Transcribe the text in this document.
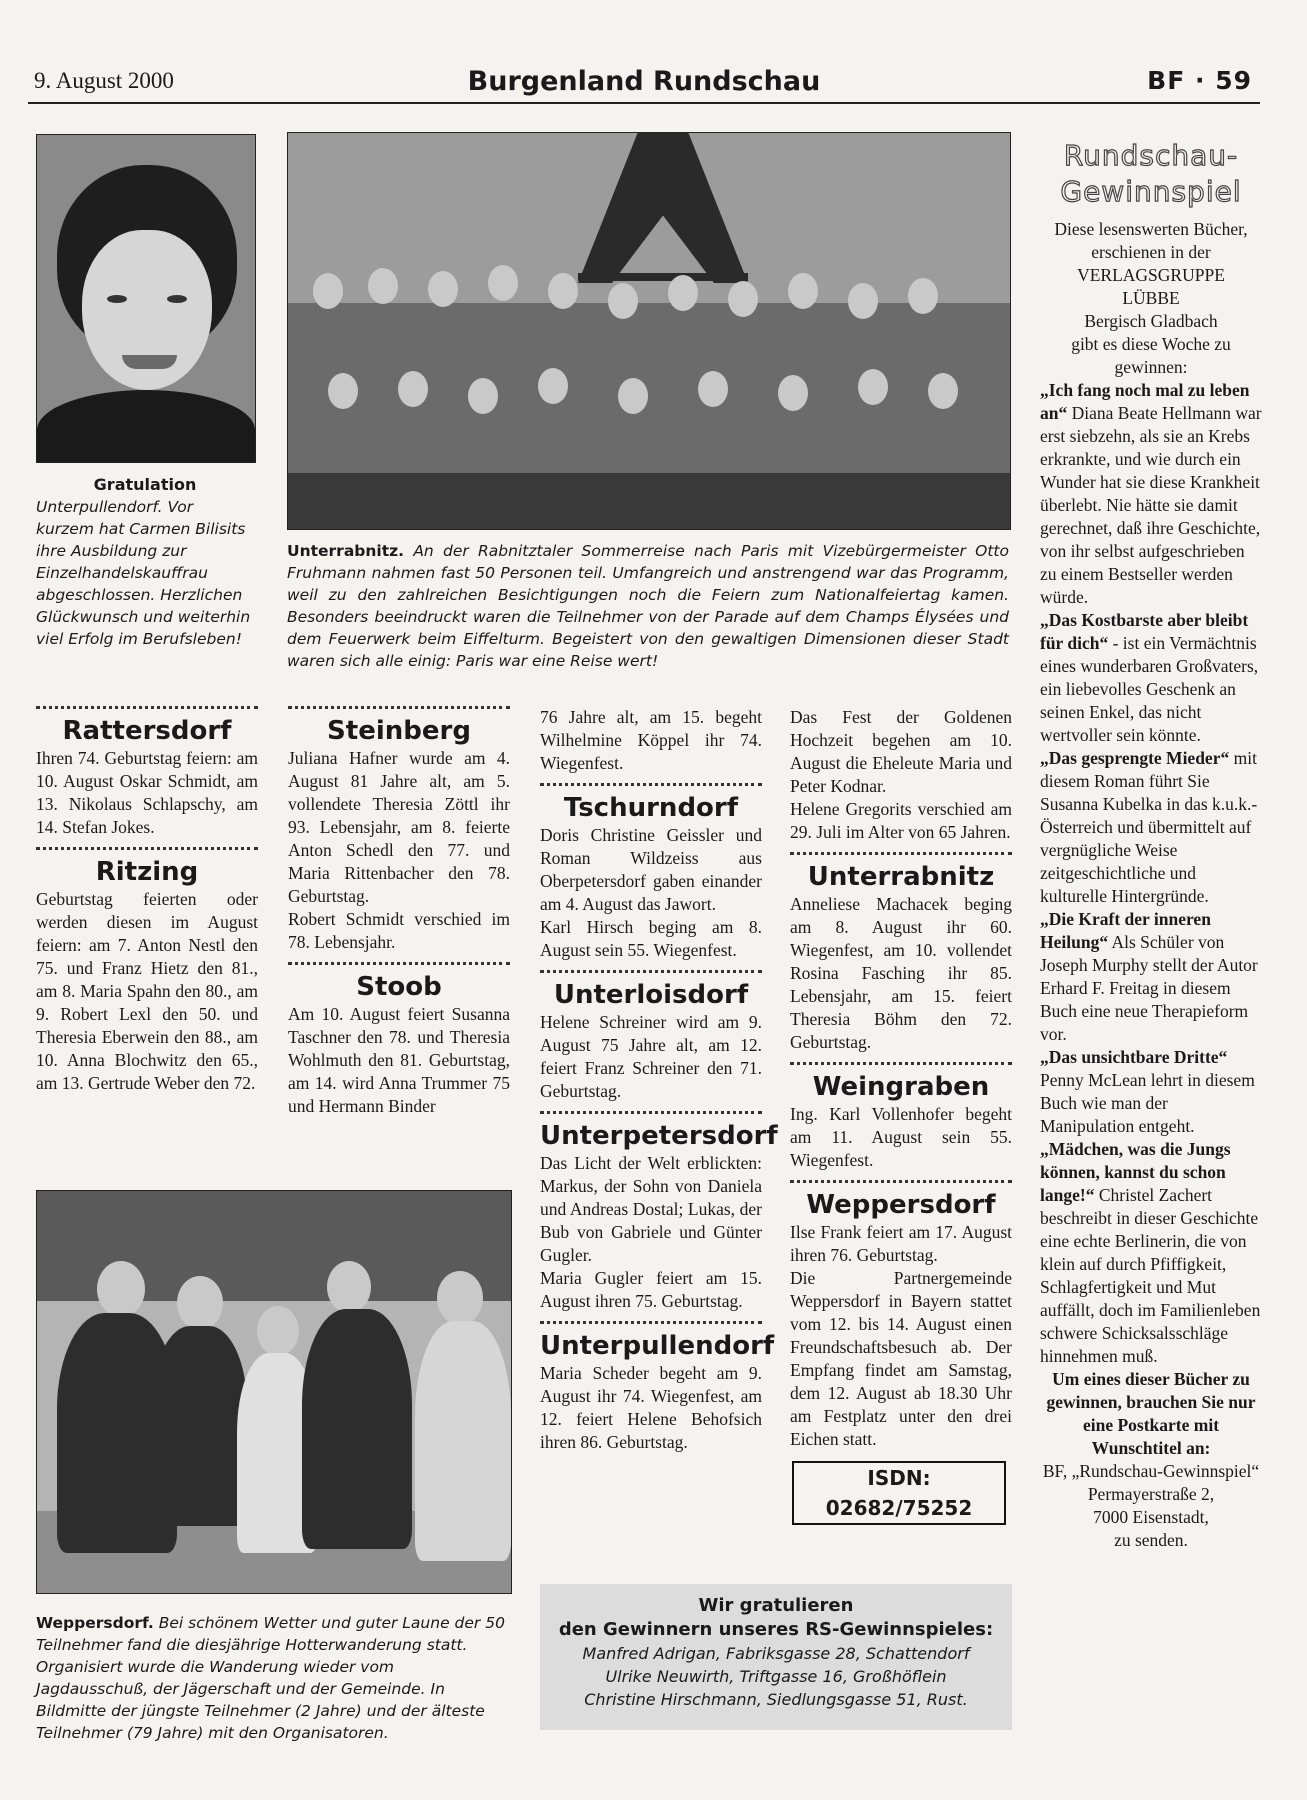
9. August 2000	Burgenland Rundschau	BF · 59
Gratulation
Unterpullendorf. Vor kurzem hat Carmen Bilisits ihre Ausbildung zur Einzelhandelskauffrau abgeschlossen. Herzlichen Glückwunsch und weiterhin viel Erfolg im Berufsleben!
Unterrabnitz. An der Rabnitztaler Sommerreise nach Paris mit Vizebürgermeister Otto Fruhmann nahmen fast 50 Personen teil. Umfangreich und anstrengend war das Programm, weil zu den zahlreichen Besichtigungen noch die Feiern zum Nationalfeiertag kamen. Besonders beeindruckt waren die Teilnehmer von der Parade auf dem Champs Élysées und dem Feuerwerk beim Eiffelturm. Begeistert von den gewaltigen Dimensionen dieser Stadt waren sich alle einig: Paris war eine Reise wert!

Rattersdorf

Ihren 74. Geburtstag feiern: am 10. August Oskar Schmidt, am 13. Nikolaus Schlapschy, am 14. Stefan Jokes.

Ritzing

Geburtstag feierten oder werden diesen im August feiern: am 7. Anton Nestl den 75. und Franz Hietz den 81., am 8. Maria Spahn den 80., am 9. Robert Lexl den 50. und Theresia Eberwein den 88., am 10. Anna Blochwitz den 65., am 13. Gertrude Weber den 72.

Steinberg

Juliana Hafner wurde am 4. August 81 Jahre alt, am 5. vollendete Theresia Zöttl ihr 93. Lebensjahr, am 8. feierte Anton Schedl den 77. und Maria Rittenbacher den 78. Geburtstag.

Robert Schmidt verschied im 78. Lebensjahr.

Stoob

Am 10. August feiert Susanna Taschner den 78. und Theresia Wohlmuth den 81. Geburtstag, am 14. wird Anna Trummer 75 und Hermann Binder

76 Jahre alt, am 15. begeht Wilhelmine Köppel ihr 74. Wiegenfest.

Tschurndorf

Doris Christine Geissler und Roman Wildzeiss aus Oberpetersdorf gaben einander am 4. August das Jawort.

Karl Hirsch beging am 8. August sein 55. Wiegenfest.

Unterloisdorf

Helene Schreiner wird am 9. August 75 Jahre alt, am 12. feiert Franz Schreiner den 71. Geburtstag.

Unterpetersdorf

Das Licht der Welt erblickten: Markus, der Sohn von Daniela und Andreas Dostal; Lukas, der Bub von Gabriele und Günter Gugler.

Maria Gugler feiert am 15. August ihren 75. Geburtstag.

Unterpullendorf

Maria Scheder begeht am 9. August ihr 74. Wiegenfest, am 12. feiert Helene Behofsich ihren 86. Geburtstag.

Das Fest der Goldenen Hochzeit begehen am 10. August die Eheleute Maria und Peter Kodnar.

Helene Gregorits verschied am 29. Juli im Alter von 65 Jahren.

Unterrabnitz

Anneliese Machacek beging am 8. August ihr 60. Wiegenfest, am 10. vollendet Rosina Fasching ihr 85. Lebensjahr, am 15. feiert Theresia Böhm den 72. Geburtstag.

Weingraben

Ing. Karl Vollenhofer begeht am 11. August sein 55. Wiegenfest.

Weppersdorf

Ilse Frank feiert am 17. August ihren 76. Geburtstag.

Die Partnergemeinde Weppersdorf in Bayern stattet vom 12. bis 14. August einen Freundschaftsbesuch ab. Der Empfang findet am Samstag, dem 12. August ab 18.30 Uhr am Festplatz unter den drei Eichen statt.

ISDN: 02682/75252
Weppersdorf. Bei schönem Wetter und guter Laune der 50 Teilnehmer fand die diesjährige Hotterwanderung statt. Organisiert wurde die Wanderung wieder vom Jagdausschuß, der Jägerschaft und der Gemeinde. In Bildmitte der jüngste Teilnehmer (2 Jahre) und der älteste Teilnehmer (79 Jahre) mit den Organisatoren.
Wir gratulieren
den Gewinnern unseres RS-Gewinnspieles:
Manfred Adrigan, Fabriksgasse 28, Schattendorf
Ulrike Neuwirth, Triftgasse 16, Großhöflein
Christine Hirschmann, Siedlungsgasse 51, Rust.
Rundschau-
Gewinnspiel

Diese lesenswerten Bücher, erschienen in der

VERLAGSGRUPPE

LÜBBE

Bergisch Gladbach

gibt es diese Woche zu gewinnen:

„Ich fang noch mal zu leben an“ Diana Beate Hellmann war erst siebzehn, als sie an Krebs erkrankte, und wie durch ein Wunder hat sie diese Krankheit überlebt. Nie hätte sie damit gerechnet, daß ihre Geschichte, von ihr selbst aufgeschrieben zu einem Bestseller werden würde.

„Das Kostbarste aber bleibt für dich“ - ist ein Vermächtnis eines wunderbaren Großvaters, ein liebevolles Geschenk an seinen Enkel, das nicht wertvoller sein könnte.

„Das gesprengte Mieder“ mit diesem Roman führt Sie Susanna Kubelka in das k.u.k.-Österreich und übermittelt auf vergnügliche Weise zeitgeschichtliche und kulturelle Hintergründe.

„Die Kraft der inneren Heilung“ Als Schüler von Joseph Murphy stellt der Autor Erhard F. Freitag in diesem Buch eine neue Therapieform vor.

„Das unsichtbare Dritte“ Penny McLean lehrt in diesem Buch wie man der Manipulation entgeht.

„Mädchen, was die Jungs können, kannst du schon lange!“ Christel Zachert beschreibt in dieser Geschichte eine echte Berlinerin, die von klein auf durch Pfiffigkeit, Schlagfertigkeit und Mut auffällt, doch im Familienleben schwere Schicksalsschläge hinnehmen muß.

Um eines dieser Bücher zu gewinnen, brauchen Sie nur eine Postkarte mit Wunschtitel an:

BF, „Rundschau-Gewinnspiel“ Permayerstraße 2,

7000 Eisenstadt,

zu senden.
